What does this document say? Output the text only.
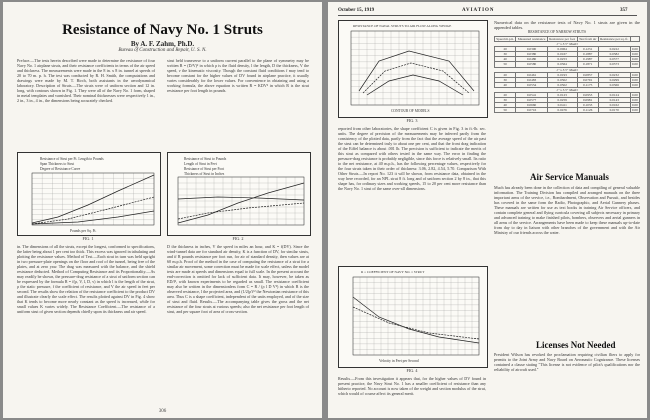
Resistance of Navy No. 1 Struts
By A. F. Zahm, Ph.D.
Bureau of Construction and Repair, U. S. N.
Preface.—The tests herein described were made to determine the resistance of four Navy No. 1 airplane struts, and their resistance coefficients in terms of the air speed and thickness. The measurements were made in the 8 in. x 8 in. tunnel at speeds of 20 to 70 m. p. h. The test was conducted by R. H. Smith, the computations and drawings were made by M. T. Birch, both assistants in the aerodynamical laboratory. Description of Struts.—The struts were of uniform section and 12 in. long, with contours shown in Fig. 1. They were all of the Navy No. 1 form, shaped in metal templates and varnished. Their nominal thicknesses were respectively 1 in., 2 in., 3 in., 4 in., the dimensions being accurately checked.
strut held transverse to a uniform current parallel to the plane of symmetry may be written R = (D/V)² in which ρ is the fluid density, l the length, D the thickness, V the speed, ν the kinematic viscosity. Though the constant fluid conditions f may tend to become constant for the higher values of DV found in airplane practice, it usually varies considerably for the lower values. For convenience in obtaining and using a working formula, the above equation is written R = KDV² in which R is the strut resistance per foot length in pounds.
Resistance of Strut per Ft. Length to Pounds
Span Thickness to Strut
Degree of Resistance Curve
Pounds per Sq. Ft.
FIG. 1
Resistance of Strut to Pounds
Length of Strut in Feet
Resistance of Strut per Foot
Thickness of Strut in Inches
FIG. 2
in. The dimensions of all the struts, except the longest, conformed to specifications, the latter being about 1 per cent too thick. This excess was ignored in tabulating and plotting the resistance values. Method of Test.—Each strut in turn was held upright in two pressure-plate openings on the floor and roof of the tunnel, being free of the plates, and at zero yaw. The drag was measured with the balance, and the shield resistance deducted. Method of Computing Resistance and its Proportionality.—As may readily be shown, the pressure-drag resistance of a strut of uniform section can be expressed by the formula R = f(ρ, V, l, D, ν) in which l is the length of the strut, ρ the static pressure, f the coefficient of resistance, and V the air speed in feet per second. The results show the relation of the resistance coefficient to the product DV and illustrate clearly the scale effect. The results plotted against DV in Fig. 4 show that K tends to become more nearly constant as the speed is increased, while for small values K varies widely. The Resistance Coefficient.—The resistance of a uniform strut of given section depends chiefly upon its thickness and air speed.
D the thickness in inches, V the speed in miles an hour, and K = f(DV). Since the wind-tunnel data are for standard air density, K is a function of DV, for similar struts, and if R pounds resistance per foot run, for air of standard density, then values are at 60 m.p.h. Proof of the method in the case of computing the resistance of a strut for a similar air movement, some correction must be made for scale effect, unless the model tests are made at speeds and dimensions equal to full scale. In the present account the end-correction is omitted for lack of sufficient data. It may, however, be taken as ED/l², with known experiments to be regarded as small. The resistance coefficient may also be written in the dimensionless form C = R / (ρ l D V²) in which R is the observed resistance, l the projected area, and (1/2)ρV² the Newtonian resistance of this area. Thus C is a shape coefficient, independent of the units employed, and of the size of strut and fluid. Results.—The accompanying table gives the gross and the net resistance of the four struts at various speeds; also the net resistance per foot length of strut, and per square foot of area of cross-section.
306
October 15, 1919	AVIATION	357
RESISTANCE OF NAVAL STRUTS TO AIR FLOW ALONG WEDGE
CONTOUR OF MODELS
FIG. 3
reported from other laboratories, the shape coefficient C is given in Fig. 3 in ft.-lb. sec. units. The degree of precision of the measurements may be inferred partly from the consistency of the plotted data, partly from the fact that the average speed of the air past the strut can be determined truly to about one per cent, and that the front drag indication of the Eiffel balance is about .001 lb. The precision is sufficient to indicate the merits of this strut as compared with others tested in the same way. The error in finding the pressure-drag resistance is probably negligible, since this force is relatively small. Its ratio to the net resistance, at 40 m.p.h., has the following percentage values, respectively for the four struts taken in their order of thickness: 3.06, 2.82, 4.54, 5.70. Comparison With Other Struts.—In report No. 123 it will be shown, from resistance data, obtained in the way here recorded, for an NPL strut 8 ft. long and of uniform section 2 by 8 in., that this shape has, for ordinary sizes and working speeds, 15 to 20 per cent more resistance than the Navy No. 1 strut of the same over-all dimensions.
R = COEFFICIENT OF NAVY NO. 1 STRUT
Velocity in Feet per Second
FIG. 4
Results.—From this investigation it appears that, for the higher values of DV found in present practice, the Navy Strut No. 1 has a smaller coefficient of resistance than any hitherto reported. No account is now taken of the weight and section modulus of the strut, which would of course affect its general merit.
Numerical data on the resistance tests of Navy No. 1 struts are given in the appended tables.
RESISTANCE OF NARROW STRUTS
Speed m.p.h.	Measured resistance	Resistance per foot	Test from air	Resistance per sq. ft.	
1" x 3.5" Model					
20	0.0300	0.0064	0.1231	0.0222	0.00
30	0.0380	0.0167	0.1887	0.0382	0.00
40	0.0480	0.0253	0.1987	0.0377	0.00
50	0.0580	0.0364	0.1871	0.0373	0.00
1" x 3.5" Model					
20	0.0461	0.0193	0.0857	0.0232	0.00
30	0.0483	0.0302	0.0791	0.0299	0.00
40	0.0554	0.0502	0.1175	0.0366	0.00
1" x 5.5" Model					
20	0.0541	0.0123	0.0953	0.0124	0.00
30	0.0577	0.0259	0.0981	0.0143	0.00
40	0.0660	0.0411	0.1033	0.0162	0.00
50	0.0716	0.0476	0.1126	0.0170	0.00
Air Service Manuals
Much has already been done in the collection of data and compiling of general valuable information. The Training Division has compiled and arranged manuals on the three important arms of the service, i.e., Bombardment, Observation and Pursuit, and besides has covered in the same form the Radio, Photographic, and Aerial Gunnery phases. These manuals are written for use as text books in training Air Service officers, and contain complete general and flying curricula covering all subjects necessary in primary and advanced training to make finished pilots, bombers, observers and aerial gunners in all arms of the service. Arrangements have been made to keep these manuals up-to-date from day to day in liaison with other branches of the government and with the Air Ministry of our friends across the water.
Licenses Not Needed
President Wilson has revoked the proclamation requiring civilian fliers to apply for permits to the Joint Army and Navy Board on Aeronautic Cognizance. These licenses contained a clause stating "This license is not evidence of pilot's qualifications nor the reliability of aircraft used."
